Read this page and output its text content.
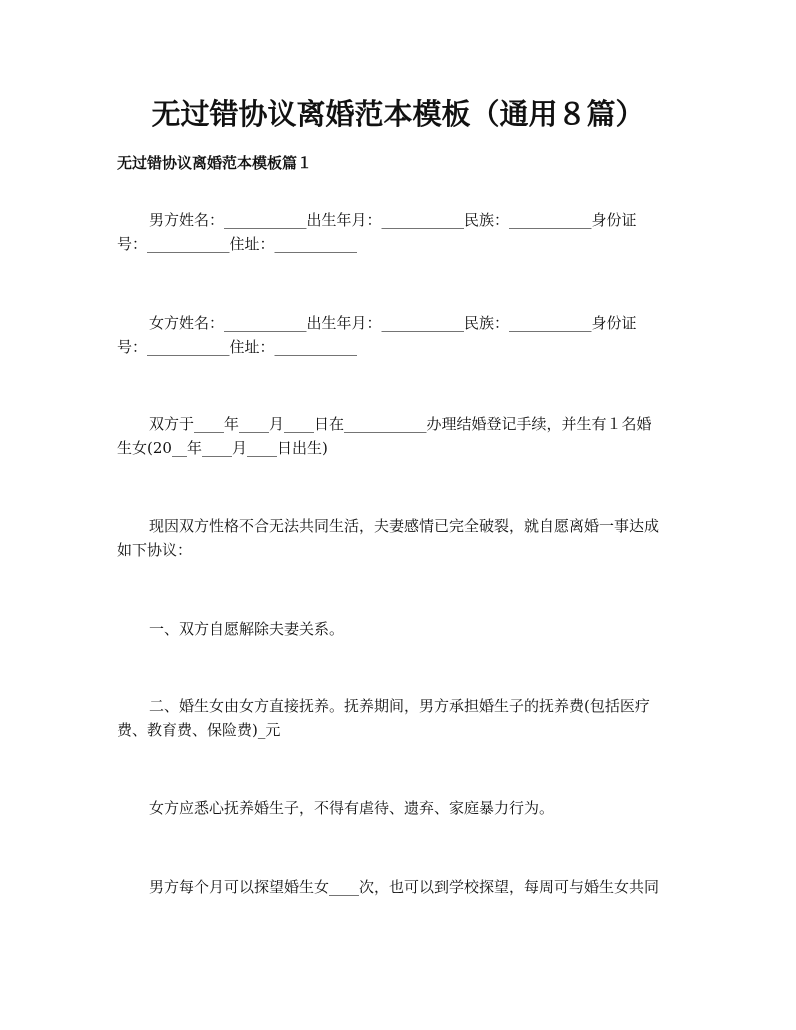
无过错协议离婚范本模板（通用８篇）
无过错协议离婚范本模板篇１
男方姓名：___________出生年月：___________民族：___________身份证
号：___________住址：___________
女方姓名：___________出生年月：___________民族：___________身份证
号：___________住址：___________
双方于____年____月____日在___________办理结婚登记手续，并生有１名婚
生女(20__年____月____日出生)
现因双方性格不合无法共同生活，夫妻感情已完全破裂，就自愿离婚一事达成
如下协议：
一、双方自愿解除夫妻关系。
二、婚生女由女方直接抚养。抚养期间，男方承担婚生子的抚养费(包括医疗
费、教育费、保险费)_元
女方应悉心抚养婚生子，不得有虐待、遗弃、家庭暴力行为。
男方每个月可以探望婚生女____次，也可以到学校探望，每周可与婚生女共同
